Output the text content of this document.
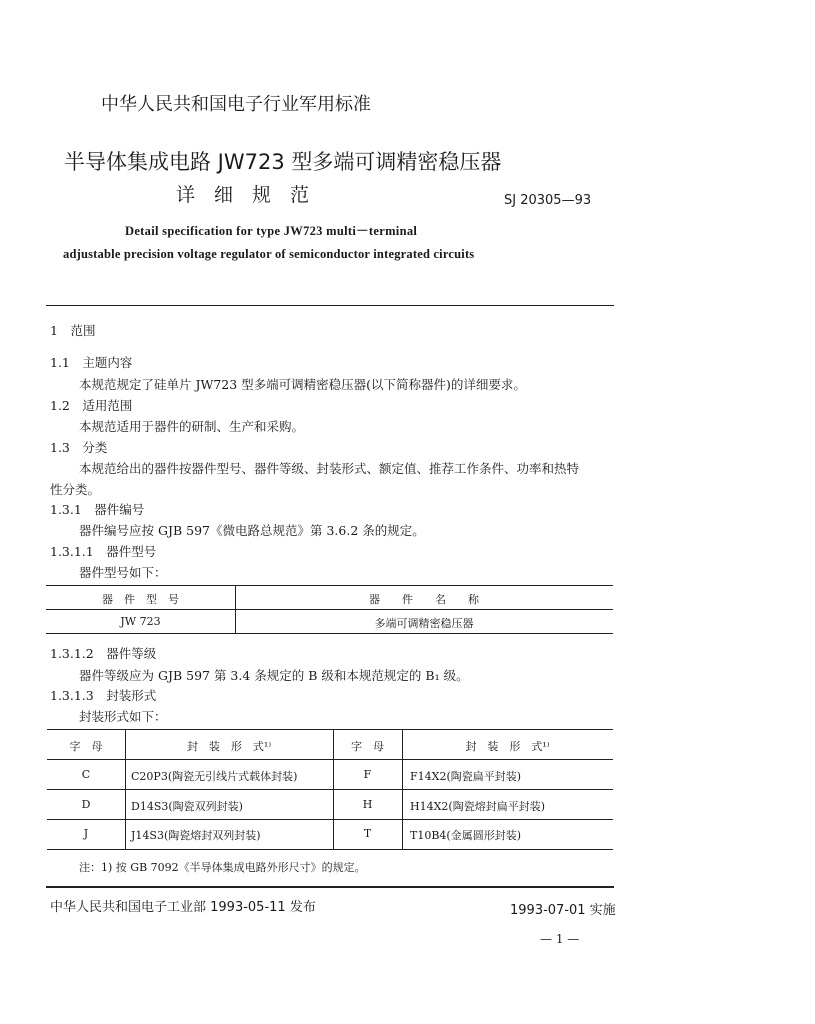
中华人民共和国电子行业军用标准
半导体集成电路 JW723 型多端可调精密稳压器
详　细　规　范	SJ 20305—93
Detail specification for type JW723 multi－terminal
adjustable precision voltage regulator of semiconductor integrated circuits
1　范围
1.1　主题内容
本规范规定了硅单片 JW723 型多端可调精密稳压器(以下简称器件)的详细要求。
1.2　适用范围
本规范适用于器件的研制、生产和采购。
1.3　分类
本规范给出的器件按器件型号、器件等级、封装形式、额定值、推荐工作条件、功率和热特
性分类。
1.3.1　器件编号
器件编号应按 GJB 597《微电路总规范》第 3.6.2 条的规定。
1.3.1.1　器件型号
器件型号如下：
器　件　型　号	器　　件　　名　　称
JW 723	多端可调精密稳压器
1.3.1.2　器件等级
器件等级应为 GJB 597 第 3.4 条规定的 B 级和本规范规定的 B₁ 级。
1.3.1.3　封装形式
封装形式如下：
字　母	封　装　形　式¹⁾	字　母	封　装　形　式¹⁾
C	C20P3(陶瓷无引线片式载体封装)	F	F14X2(陶瓷扁平封装)
D	D14S3(陶瓷双列封装)	H	H14X2(陶瓷熔封扁平封装)
J	J14S3(陶瓷熔封双列封装)	T	T10B4(金属圆形封装)
注：1) 按 GB 7092《半导体集成电路外形尺寸》的规定。
中华人民共和国电子工业部 1993-05-11 发布	1993-07-01 实施
— 1 —
